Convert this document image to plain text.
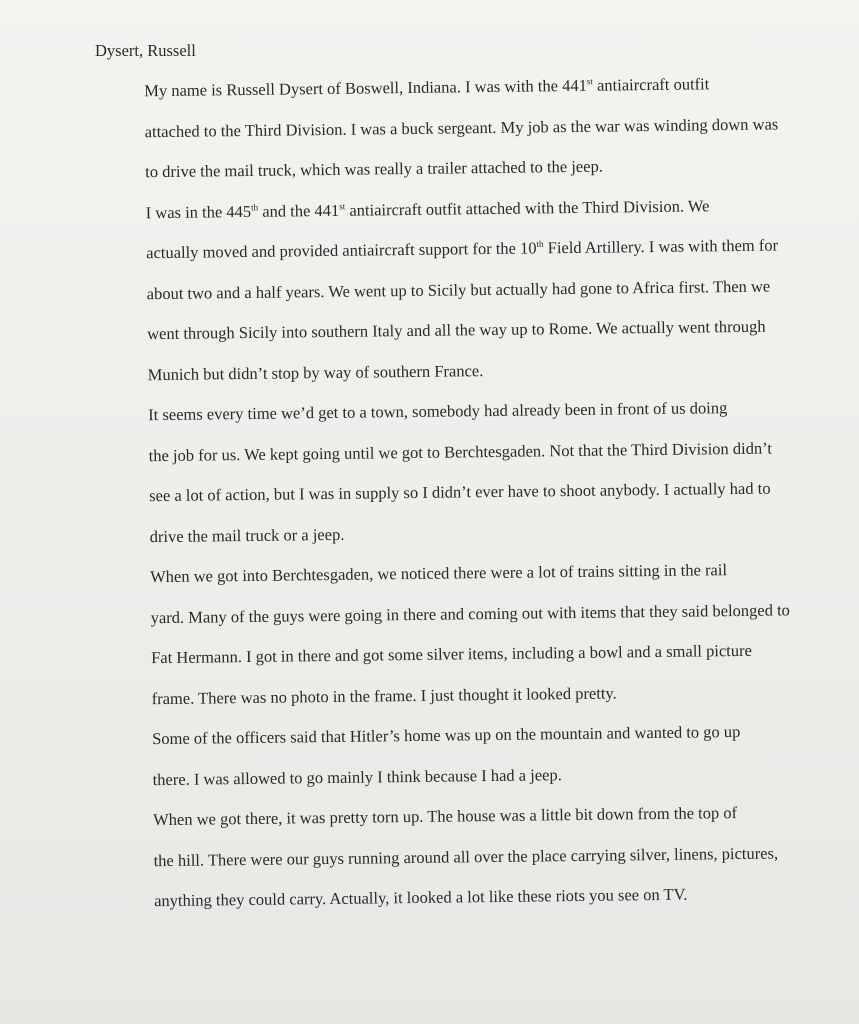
Dysert, Russell

My name is Russell Dysert of Boswell, Indiana. I was with the 441st antiaircraft outfit
attached to the Third Division. I was a buck sergeant. My job as the war was winding down was
to drive the mail truck, which was really a trailer attached to the jeep.

I was in the 445th and the 441st antiaircraft outfit attached with the Third Division. We
actually moved and provided antiaircraft support for the 10th Field Artillery. I was with them for
about two and a half years. We went up to Sicily but actually had gone to Africa first. Then we
went through Sicily into southern Italy and all the way up to Rome. We actually went through
Munich but didn’t stop by way of southern France.

It seems every time we’d get to a town, somebody had already been in front of us doing
the job for us. We kept going until we got to Berchtesgaden. Not that the Third Division didn’t
see a lot of action, but I was in supply so I didn’t ever have to shoot anybody. I actually had to
drive the mail truck or a jeep.

When we got into Berchtesgaden, we noticed there were a lot of trains sitting in the rail
yard. Many of the guys were going in there and coming out with items that they said belonged to
Fat Hermann. I got in there and got some silver items, including a bowl and a small picture
frame. There was no photo in the frame. I just thought it looked pretty.

Some of the officers said that Hitler’s home was up on the mountain and wanted to go up
there. I was allowed to go mainly I think because I had a jeep.

When we got there, it was pretty torn up. The house was a little bit down from the top of
the hill. There were our guys running around all over the place carrying silver, linens, pictures,
anything they could carry. Actually, it looked a lot like these riots you see on TV.
